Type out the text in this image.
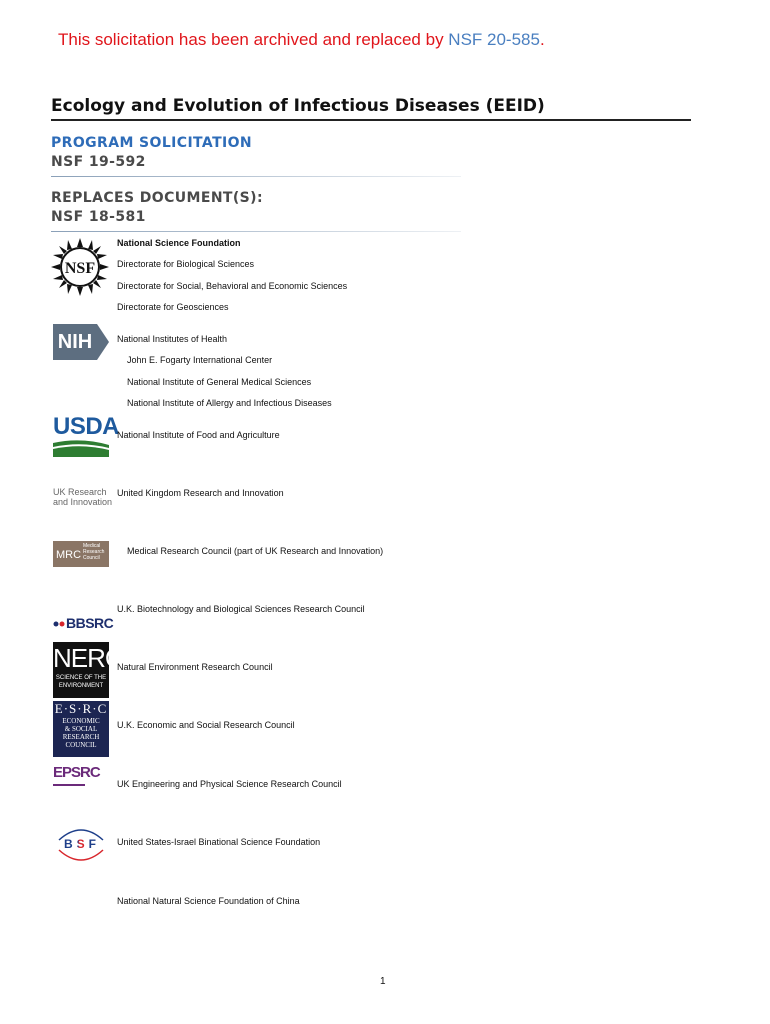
This solicitation has been archived and replaced by NSF 20-585.
Ecology and Evolution of Infectious Diseases (EEID)
PROGRAM SOLICITATION
NSF 19-592
REPLACES DOCUMENT(S):
NSF 18-581
NSF
National Science Foundation
Directorate for Biological Sciences
Directorate for Social, Behavioral and Economic Sciences
Directorate for Geosciences
NIH	National Institutes of Health
John E. Fogarty International Center
National Institute of General Medical Sciences
National Institute of Allergy and Infectious Diseases
USDA
National Institute of Food and Agriculture
UK Research
and Innovation
United Kingdom Research and Innovation
MRC
Medical
Research
Council
Medical Research Council (part of UK Research and Innovation)
BBSRC
U.K. Biotechnology and Biological Sciences Research Council
NERC
SCIENCE OF THE
ENVIRONMENT
Natural Environment Research Council
E·S·R·C
ECONOMIC
& SOCIAL
RESEARCH
COUNCIL
U.K. Economic and Social Research Council
EPSRC
UK Engineering and Physical Science Research Council
BSF United States-Israel Binational Science Foundation
National Natural Science Foundation of China
1
